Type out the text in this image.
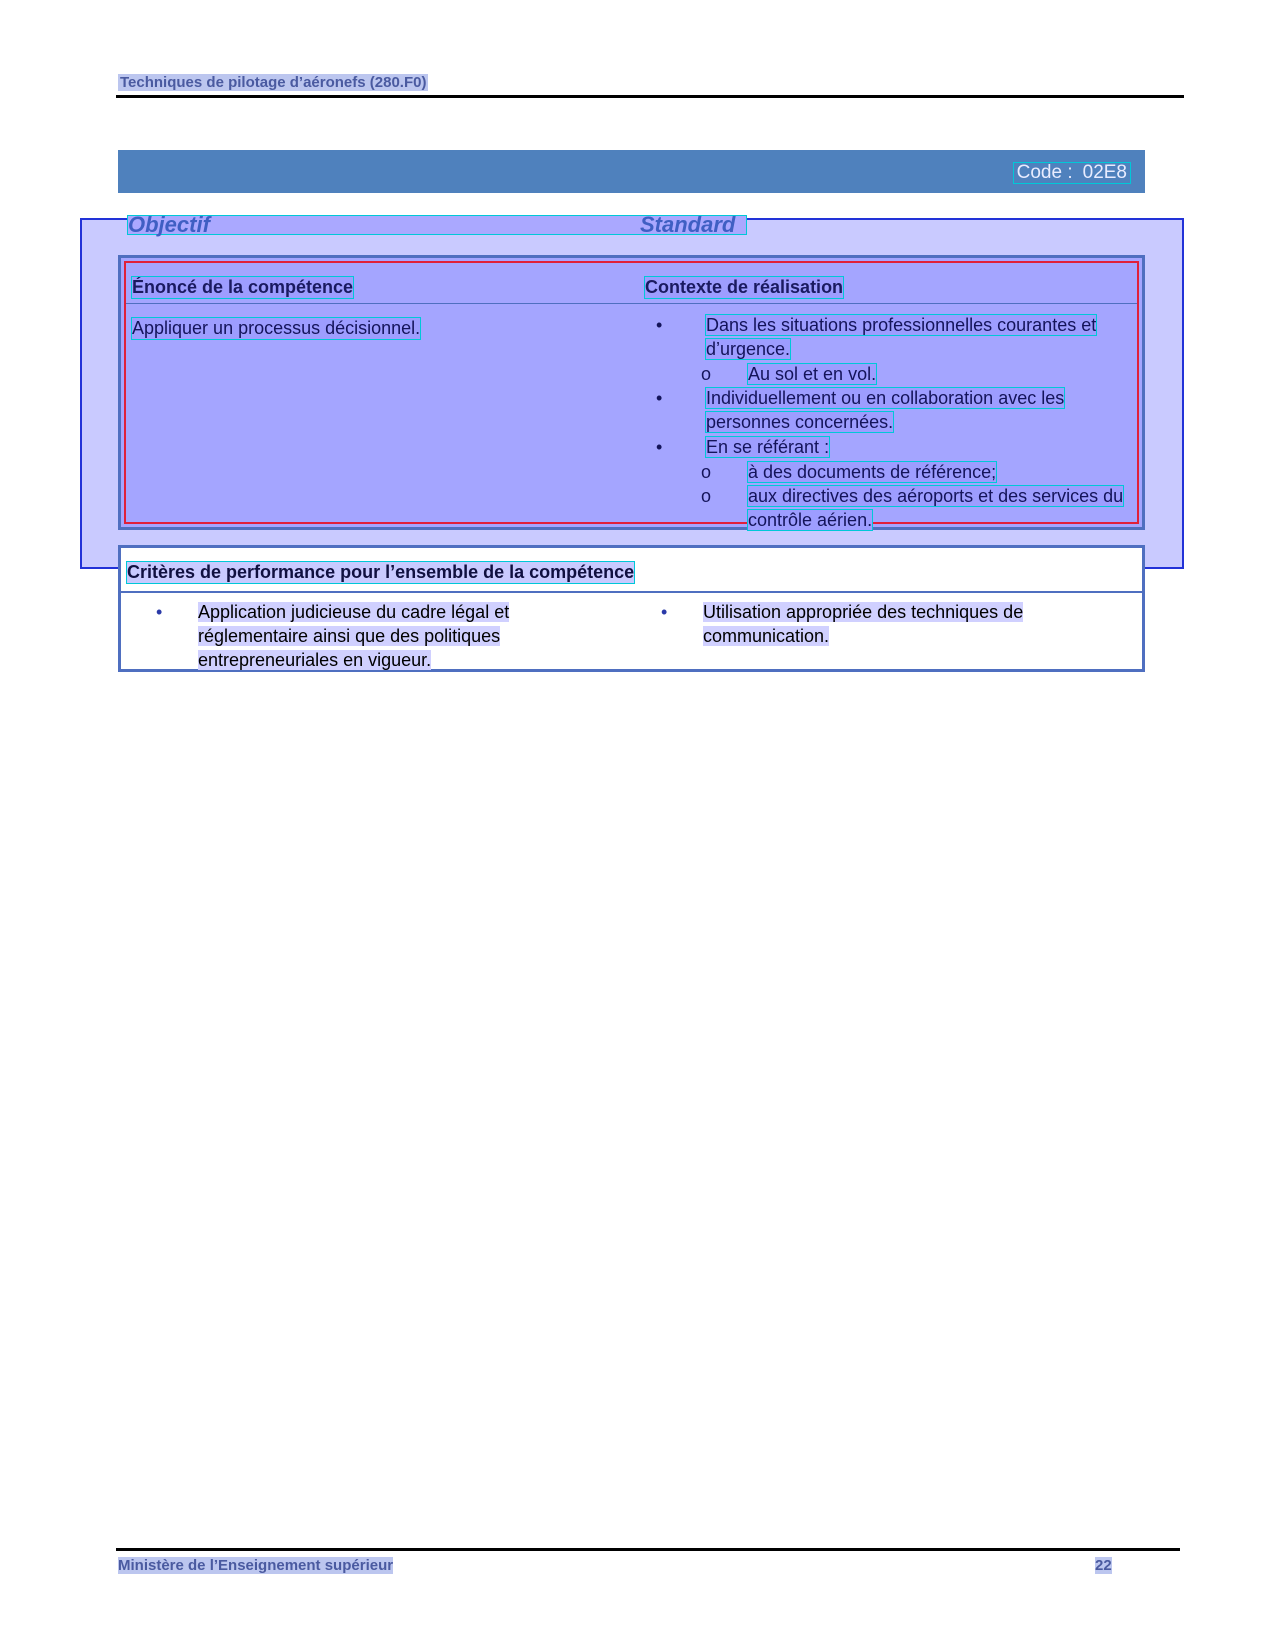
Techniques de pilotage d’aéronefs (280.F0)
Code : 02E8
Objectif	Standard
Énoncé de la compétence	Contexte de réalisation
Appliquer un processus décisionnel.	• Dans les situations professionnelles courantes et d’urgence.
o Au sol et en vol.
• Individuellement ou en collaboration avec les personnes concernées.
• En se référant :
o à des documents de référence;
o aux directives des aéroports et des services du contrôle aérien.
Critères de performance pour l’ensemble de la compétence
• Application judicieuse du cadre légal et réglementaire ainsi que des politiques entrepreneuriales en vigueur.
• Utilisation appropriée des techniques de communication.
Ministère de l’Enseignement supérieur	22
